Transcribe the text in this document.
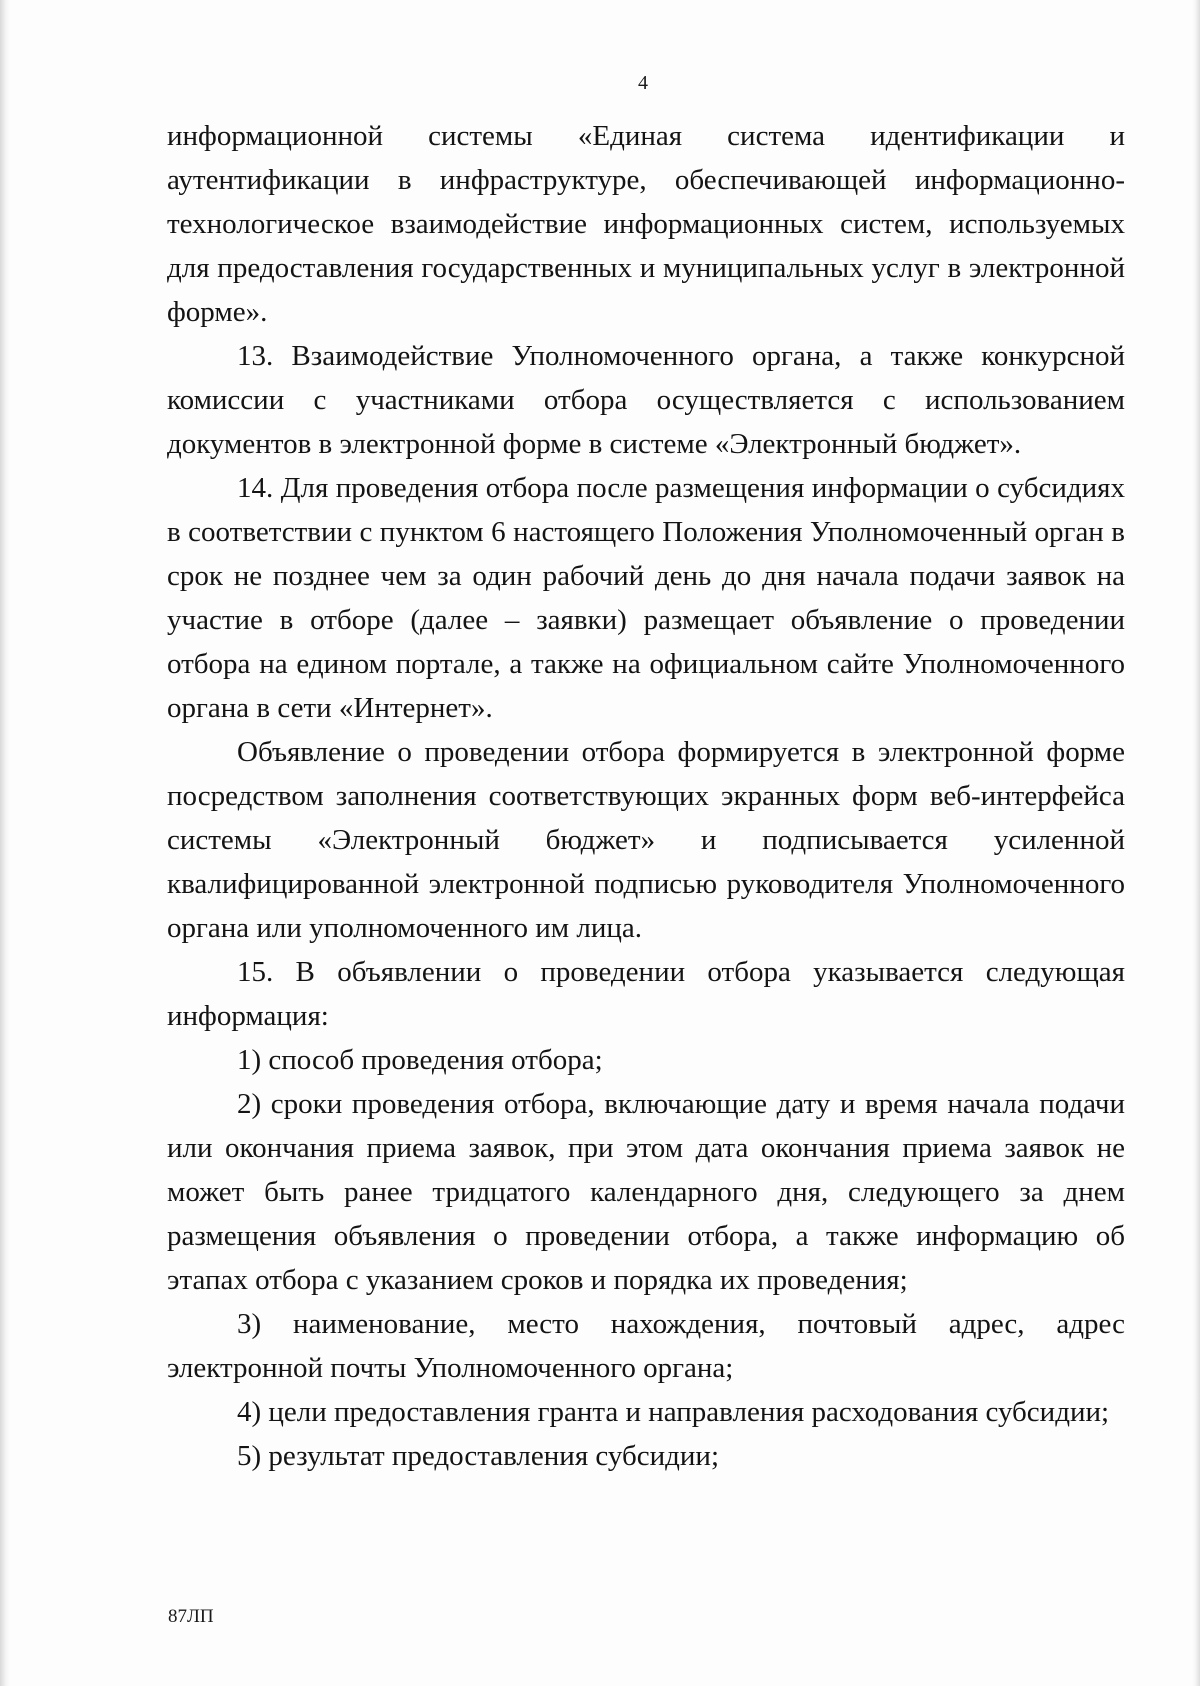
4

информационной системы «Единая система идентификации и аутентификации в инфраструктуре, обеспечивающей информационно-технологическое взаимодействие информационных систем, используемых для предоставления государственных и муниципальных услуг в электронной форме».

13. Взаимодействие Уполномоченного органа, а также конкурсной комиссии с участниками отбора осуществляется с использованием документов в электронной форме в системе «Электронный бюджет».

14. Для проведения отбора после размещения информации о субсидиях в соответствии с пунктом 6 настоящего Положения Уполномоченный орган в срок не позднее чем за один рабочий день до дня начала подачи заявок на участие в отборе (далее – заявки) размещает объявление о проведении отбора на едином портале, а также на официальном сайте Уполномоченного органа в сети «Интернет».

Объявление о проведении отбора формируется в электронной форме посредством заполнения соответствующих экранных форм веб-интерфейса системы «Электронный бюджет» и подписывается усиленной квалифицированной электронной подписью руководителя Уполномоченного органа или уполномоченного им лица.

15. В объявлении о проведении отбора указывается следующая информация:

1) способ проведения отбора;

2) сроки проведения отбора, включающие дату и время начала подачи или окончания приема заявок, при этом дата окончания приема заявок не может быть ранее тридцатого календарного дня, следующего за днем размещения объявления о проведении отбора, а также информацию об этапах отбора с указанием сроков и порядка их проведения;

3) наименование, место нахождения, почтовый адрес, адрес электронной почты Уполномоченного органа;

4) цели предоставления гранта и направления расходования субсидии;

5) результат предоставления субсидии;

87ЛП
